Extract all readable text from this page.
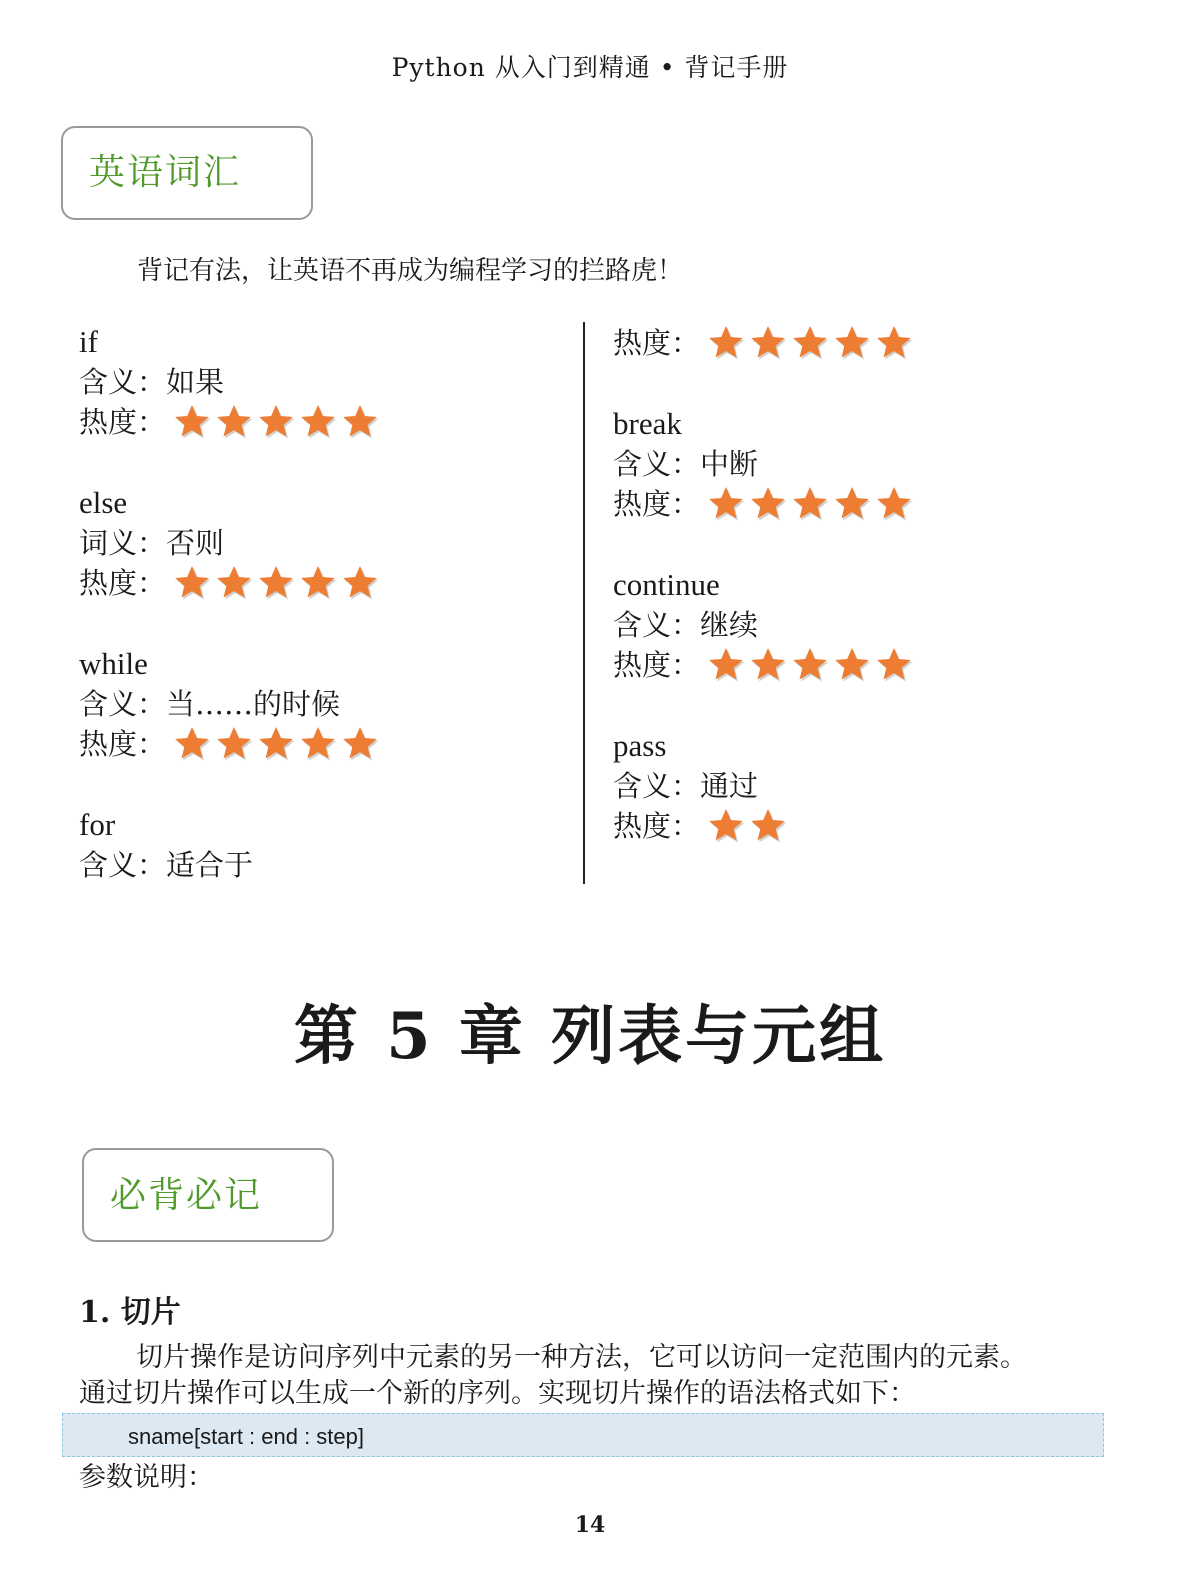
Python 从入门到精通 • 背记手册
英语词汇
背记有法，让英语不再成为编程学习的拦路虎！
if
含义：如果
热度：
else
词义：否则
热度：
while
含义：当……的时候
热度：
for
含义：适合于
热度：
break
含义：中断
热度：
continue
含义：继续
热度：
pass
含义：通过
热度：
第 5 章 列表与元组
必背必记
1. 切片
切片操作是访问序列中元素的另一种方法，它可以访问一定范围内的元素。
通过切片操作可以生成一个新的序列。实现切片操作的语法格式如下：
sname[start : end : step]
参数说明：
14
